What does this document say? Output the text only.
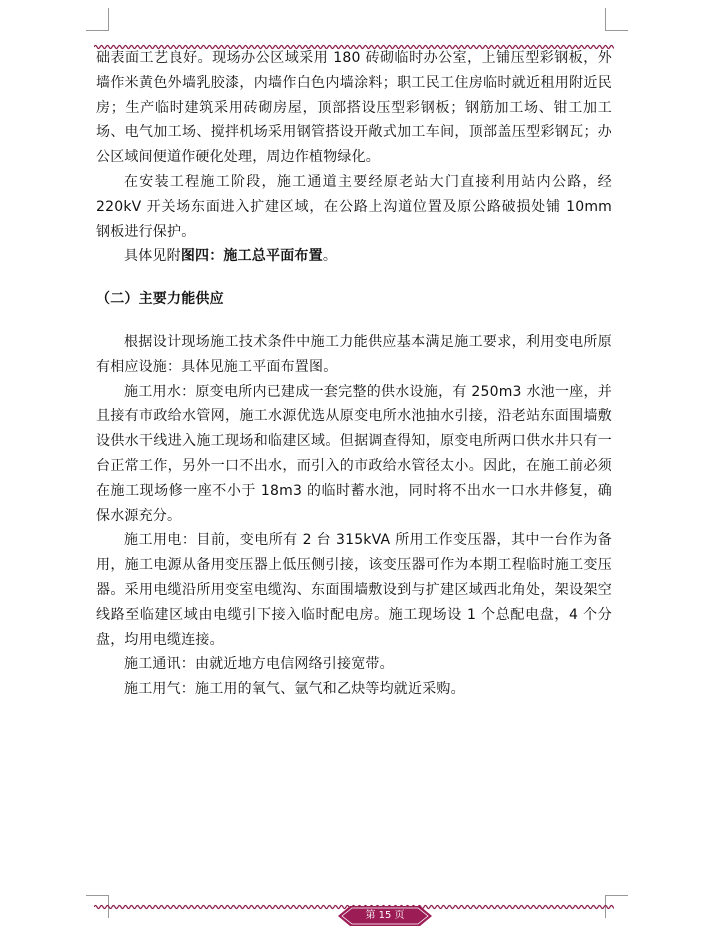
础表面工艺良好。现场办公区域采用 180 砖砌临时办公室，上铺压型彩钢板，外墙作米黄色外墙乳胶漆，内墙作白色内墙涂料；职工民工住房临时就近租用附近民房；生产临时建筑采用砖砌房屋，顶部搭设压型彩钢板；钢筋加工场、钳工加工场、电气加工场、搅拌机场采用钢管搭设开敞式加工车间，顶部盖压型彩钢瓦；办公区域间便道作硬化处理，周边作植物绿化。

在安装工程施工阶段，施工通道主要经原老站大门直接利用站内公路，经 220kV 开关场东面进入扩建区域，在公路上沟道位置及原公路破损处铺 10mm 钢板进行保护。

具体见附图四：施工总平面布置。

（二）主要力能供应

根据设计现场施工技术条件中施工力能供应基本满足施工要求，利用变电所原有相应设施：具体见施工平面布置图。

施工用水：原变电所内已建成一套完整的供水设施，有 250m3 水池一座，并且接有市政给水管网，施工水源优选从原变电所水池抽水引接，沿老站东面围墙敷设供水干线进入施工现场和临建区域。但据调查得知，原变电所两口供水井只有一台正常工作，另外一口不出水，而引入的市政给水管径太小。因此，在施工前必须在施工现场修一座不小于 18m3 的临时蓄水池，同时将不出水一口水井修复，确保水源充分。

施工用电：目前，变电所有 2 台 315kVA 所用工作变压器，其中一台作为备用，施工电源从备用变压器上低压侧引接，该变压器可作为本期工程临时施工变压器。采用电缆沿所用变室电缆沟、东面围墙敷设到与扩建区域西北角处，架设架空线路至临建区域由电缆引下接入临时配电房。施工现场设 1 个总配电盘，4 个分盘，均用电缆连接。

施工通讯：由就近地方电信网络引接宽带。

施工用气：施工用的氧气、氩气和乙炔等均就近采购。

第 15 页
